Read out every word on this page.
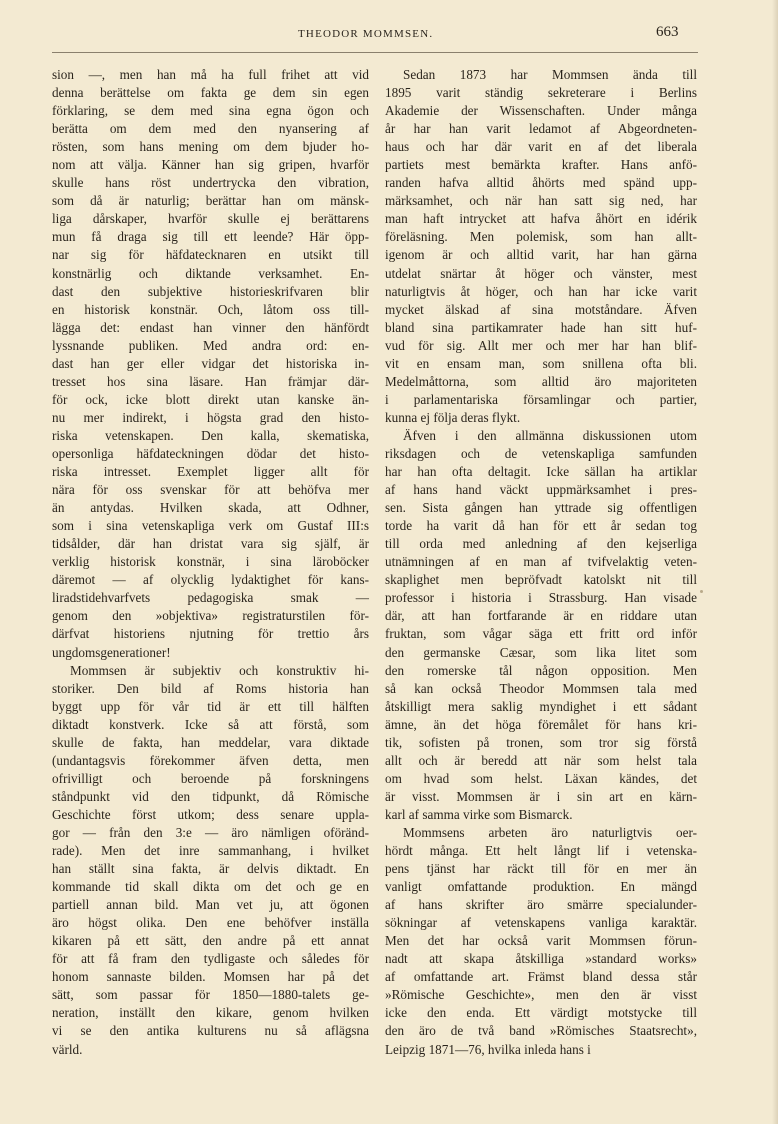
THEODOR MOMMSEN.	663
sion —, men han må ha full frihet att vid
denna berättelse om fakta ge dem sin egen
förklaring, se dem med sina egna ögon och
berätta om dem med den nyansering af
rösten, som hans mening om dem bjuder ho-
nom att välja. Känner han sig gripen, hvarför
skulle hans röst undertrycka den vibration,
som då är naturlig; berättar han om mänsk-
liga dårskaper, hvarför skulle ej berättarens
mun få draga sig till ett leende? Här öpp-
nar sig för häfdatecknaren en utsikt till
konstnärlig och diktande verksamhet. En-
dast den subjektive historieskrifvaren blir
en historisk konstnär. Och, låtom oss till-
lägga det: endast han vinner den hänfördt
lyssnande publiken. Med andra ord: en-
dast han ger eller vidgar det historiska in-
tresset hos sina läsare. Han främjar där-
för ock, icke blott direkt utan kanske än-
nu mer indirekt, i högsta grad den histo-
riska vetenskapen. Den kalla, skematiska,
opersonliga häfdateckningen dödar det histo-
riska intresset. Exemplet ligger allt för
nära för oss svenskar för att behöfva mer
än antydas. Hvilken skada, att Odhner,
som i sina vetenskapliga verk om Gustaf III:s
tidsålder, där han dristat vara sig själf, är
verklig historisk konstnär, i sina läroböcker
däremot — af olycklig lydaktighet för kans-
liradstidehvarfvets pedagogiska smak —
genom den »objektiva» registraturstilen för-
därfvat historiens njutning för trettio års
ungdomsgenerationer!
Mommsen är subjektiv och konstruktiv hi-
storiker. Den bild af Roms historia han
byggt upp för vår tid är ett till hälften
diktadt konstverk. Icke så att förstå, som
skulle de fakta, han meddelar, vara diktade
(undantagsvis förekommer äfven detta, men
ofrivilligt och beroende på forskningens
ståndpunkt vid den tidpunkt, då Römische
Geschichte först utkom; dess senare uppla-
gor — från den 3:e — äro nämligen oföränd-
rade). Men det inre sammanhang, i hvilket
han ställt sina fakta, är delvis diktadt. En
kommande tid skall dikta om det och ge en
partiell annan bild. Man vet ju, att ögonen
äro högst olika. Den ene behöfver inställa
kikaren på ett sätt, den andre på ett annat
för att få fram den tydligaste och således för
honom sannaste bilden. Momsen har på det
sätt, som passar för 1850—1880-talets ge-
neration, inställt den kikare, genom hvilken
vi se den antika kulturens nu så aflägsna
värld.
Sedan 1873 har Mommsen ända till
1895 varit ständig sekreterare i Berlins
Akademie der Wissenschaften. Under många
år har han varit ledamot af Abgeordneten-
haus och har där varit en af det liberala
partiets mest bemärkta krafter. Hans anfö-
randen hafva alltid åhörts med spänd upp-
märksamhet, och när han satt sig ned, har
man haft intrycket att hafva åhört en idérik
föreläsning. Men polemisk, som han allt-
igenom är och alltid varit, har han gärna
utdelat snärtar åt höger och vänster, mest
naturligtvis åt höger, och han har icke varit
mycket älskad af sina motståndare. Äfven
bland sina partikamrater hade han sitt huf-
vud för sig. Allt mer och mer har han blif-
vit en ensam man, som snillena ofta bli.
Medelmåttorna, som alltid äro majoriteten
i parlamentariska församlingar och partier,
kunna ej följa deras flykt.
Äfven i den allmänna diskussionen utom
riksdagen och de vetenskapliga samfunden
har han ofta deltagit. Icke sällan ha artiklar
af hans hand väckt uppmärksamhet i pres-
sen. Sista gången han yttrade sig offentligen
torde ha varit då han för ett år sedan tog
till orda med anledning af den kejserliga
utnämningen af en man af tvifvelaktig veten-
skaplighet men bepröfvadt katolskt nit till
professor i historia i Strassburg. Han visade
där, att han fortfarande är en riddare utan
fruktan, som vågar säga ett fritt ord inför
den germanske Cæsar, som lika litet som
den romerske tål någon opposition. Men
så kan också Theodor Mommsen tala med
åtskilligt mera saklig myndighet i ett sådant
ämne, än det höga föremålet för hans kri-
tik, sofisten på tronen, som tror sig förstå
allt och är beredd att när som helst tala
om hvad som helst. Läxan kändes, det
är visst. Mommsen är i sin art en kärn-
karl af samma virke som Bismarck.
Mommsens arbeten äro naturligtvis oer-
hördt många. Ett helt långt lif i vetenska-
pens tjänst har räckt till för en mer än
vanligt omfattande produktion. En mängd
af hans skrifter äro smärre specialunder-
sökningar af vetenskapens vanliga karaktär.
Men det har också varit Mommsen förun-
nadt att skapa åtskilliga »standard works»
af omfattande art. Främst bland dessa står
»Römische Geschichte», men den är visst
icke den enda. Ett värdigt motstycke till
den äro de två band »Römisches Staatsrecht»,
Leipzig 1871—76, hvilka inleda hans i
